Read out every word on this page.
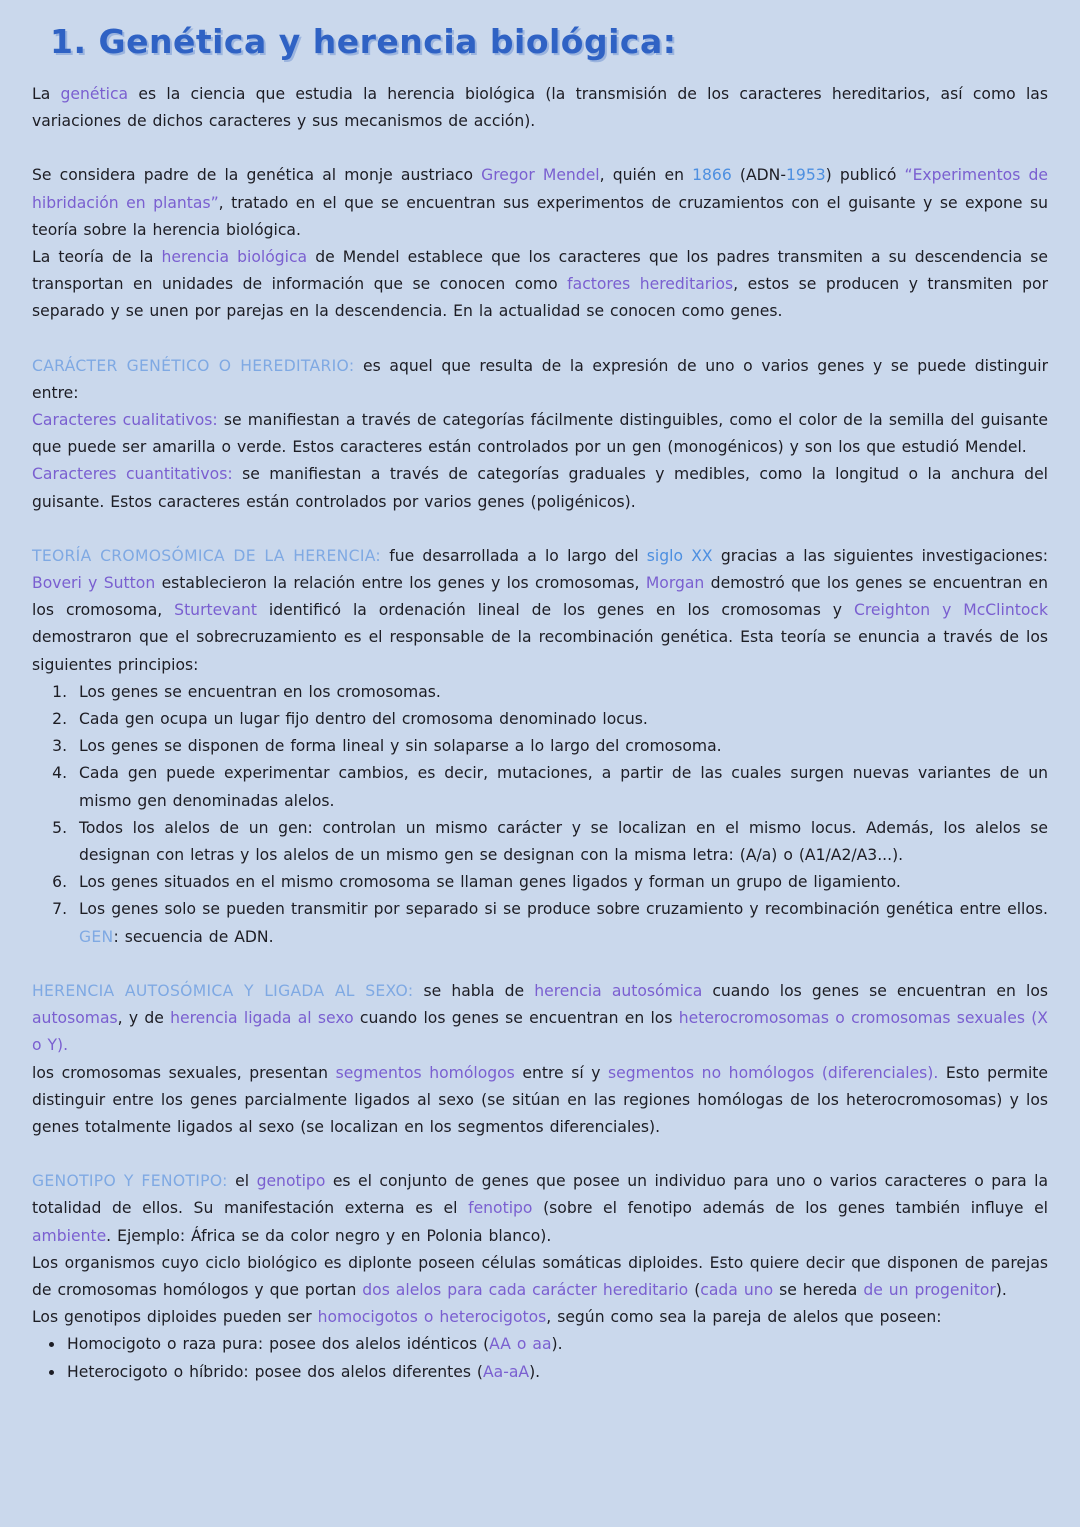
1. Genética y herencia biológica:

La genética es la ciencia que estudia la herencia biológica (la transmisión de los caracteres hereditarios, así como las variaciones de dichos caracteres y sus mecanismos de acción).

Se considera padre de la genética al monje austriaco Gregor Mendel, quién en 1866 (ADN-1953) publicó “Experimentos de hibridación en plantas”, tratado en el que se encuentran sus experimentos de cruzamientos con el guisante y se expone su teoría sobre la herencia biológica.

La teoría de la herencia biológica de Mendel establece que los caracteres que los padres transmiten a su descendencia se transportan en unidades de información que se conocen como factores hereditarios, estos se producen y transmiten por separado y se unen por parejas en la descendencia. En la actualidad se conocen como genes.

CARÁCTER GENÉTICO O HEREDITARIO: es aquel que resulta de la expresión de uno o varios genes y se puede distinguir entre:

Caracteres cualitativos: se manifiestan a través de categorías fácilmente distinguibles, como el color de la semilla del guisante que puede ser amarilla o verde. Estos caracteres están controlados por un gen (monogénicos) y son los que estudió Mendel.

Caracteres cuantitativos: se manifiestan a través de categorías graduales y medibles, como la longitud o la anchura del guisante. Estos caracteres están controlados por varios genes (poligénicos).

TEORÍA CROMOSÓMICA DE LA HERENCIA: fue desarrollada a lo largo del siglo XX gracias a las siguientes investigaciones: Boveri y Sutton establecieron la relación entre los genes y los cromosomas, Morgan demostró que los genes se encuentran en los cromosoma, Sturtevant identificó la ordenación lineal de los genes en los cromosomas y Creighton y McClintock demostraron que el sobrecruzamiento es el responsable de la recombinación genética. Esta teoría se enuncia a través de los siguientes principios:

1. Los genes se encuentran en los cromosomas.
2. Cada gen ocupa un lugar fijo dentro del cromosoma denominado locus.
3. Los genes se disponen de forma lineal y sin solaparse a lo largo del cromosoma.
4. Cada gen puede experimentar cambios, es decir, mutaciones, a partir de las cuales surgen nuevas variantes de un mismo gen denominadas alelos.
5. Todos los alelos de un gen: controlan un mismo carácter y se localizan en el mismo locus. Además, los alelos se designan con letras y los alelos de un mismo gen se designan con la misma letra: (A/a) o (A1/A2/A3...).
6. Los genes situados en el mismo cromosoma se llaman genes ligados y forman un grupo de ligamiento.
7. Los genes solo se pueden transmitir por separado si se produce sobre cruzamiento y recombinación genética entre ellos. GEN: secuencia de ADN.

HERENCIA AUTOSÓMICA Y LIGADA AL SEXO: se habla de herencia autosómica cuando los genes se encuentran en los autosomas, y de herencia ligada al sexo cuando los genes se encuentran en los heterocromosomas o cromosomas sexuales (X o Y).

los cromosomas sexuales, presentan segmentos homólogos entre sí y segmentos no homólogos (diferenciales). Esto permite distinguir entre los genes parcialmente ligados al sexo (se sitúan en las regiones homólogas de los heterocromosomas) y los genes totalmente ligados al sexo (se localizan en los segmentos diferenciales).

GENOTIPO Y FENOTIPO: el genotipo es el conjunto de genes que posee un individuo para uno o varios caracteres o para la totalidad de ellos. Su manifestación externa es el fenotipo (sobre el fenotipo además de los genes también influye el ambiente. Ejemplo: África se da color negro y en Polonia blanco).

Los organismos cuyo ciclo biológico es diplonte poseen células somáticas diploides. Esto quiere decir que disponen de parejas de cromosomas homólogos y que portan dos alelos para cada carácter hereditario (cada uno se hereda de un progenitor).

Los genotipos diploides pueden ser homocigotos o heterocigotos, según como sea la pareja de alelos que poseen:

• Homocigoto o raza pura: posee dos alelos idénticos (AA o aa).
• Heterocigoto o híbrido: posee dos alelos diferentes (Aa-aA).
